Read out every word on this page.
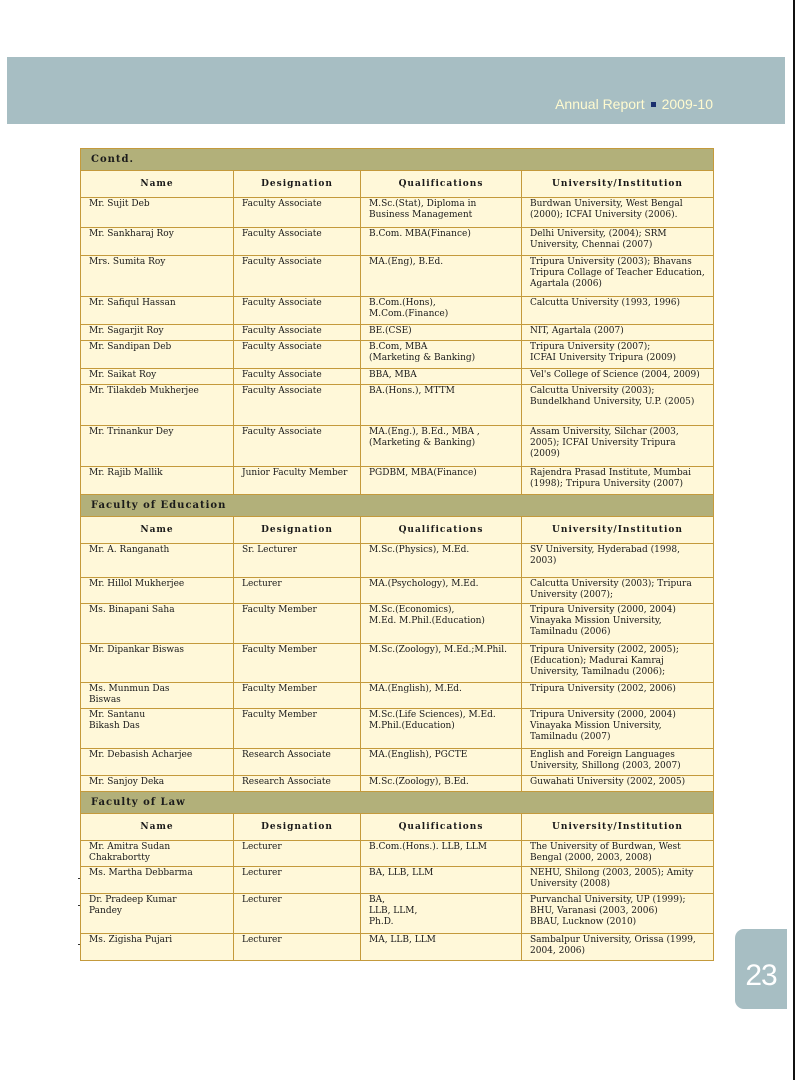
Annual Report 2009-10
Contd.			
Name	Designation	Qualifications	University/Institution
Mr. Sujit Deb	Faculty Associate	M.Sc.(Stat), Diploma in Business Management	Burdwan University, West Bengal (2000); ICFAI University (2006).
Mr. Sankharaj Roy	Faculty Associate	B.Com. MBA(Finance)	Delhi University, (2004); SRM University, Chennai (2007)
Mrs. Sumita Roy	Faculty Associate	MA.(Eng), B.Ed.	Tripura University (2003); Bhavans Tripura Collage of Teacher Education, Agartala (2006)
Mr. Safiqul Hassan	Faculty Associate	B.Com.(Hons),
M.Com.(Finance)	Calcutta University (1993, 1996)
Mr. Sagarjit Roy	Faculty Associate	BE.(CSE)	NIT, Agartala (2007)
Mr. Sandipan Deb	Faculty Associate	B.Com, MBA
(Marketing & Banking)	Tripura University (2007);
ICFAI University Tripura (2009)
Mr. Saikat Roy	Faculty Associate	BBA, MBA	Vel's College of Science (2004, 2009)
Mr. Tilakdeb Mukherjee	Faculty Associate	BA.(Hons.), MTTM	Calcutta University (2003);
Bundelkhand University, U.P. (2005)
Mr. Trinankur Dey	Faculty Associate	MA.(Eng.), B.Ed., MBA ,
(Marketing & Banking)	Assam University, Silchar (2003, 2005); ICFAI University Tripura (2009)
Mr. Rajib Mallik	Junior Faculty Member	PGDBM, MBA(Finance)	Rajendra Prasad Institute, Mumbai (1998); Tripura University (2007)
Faculty of Education			
Name	Designation	Qualifications	University/Institution
Mr. A. Ranganath	Sr. Lecturer	M.Sc.(Physics), M.Ed.	SV University, Hyderabad (1998, 2003)
Mr. Hillol Mukherjee	Lecturer	MA.(Psychology), M.Ed.	Calcutta University (2003); Tripura University (2007);
Ms. Binapani Saha	Faculty Member	M.Sc.(Economics),
M.Ed. M.Phil.(Education)	Tripura University (2000, 2004)
Vinayaka Mission University, Tamilnadu (2006)
Mr. Dipankar Biswas	Faculty Member	M.Sc.(Zoology), M.Ed.;M.Phil.	Tripura University (2002, 2005);
(Education); Madurai Kamraj University, Tamilnadu (2006);
Ms. Munmun Das
Biswas	Faculty Member	MA.(English), M.Ed.	Tripura University (2002, 2006)
Mr. Santanu
Bikash Das	Faculty Member	M.Sc.(Life Sciences), M.Ed.
M.Phil.(Education)	Tripura University (2000, 2004)
Vinayaka Mission University, Tamilnadu (2007)
Mr. Debasish Acharjee	Research Associate	MA.(English), PGCTE	English and Foreign Languages University, Shillong (2003, 2007)
Mr. Sanjoy Deka	Research Associate	M.Sc.(Zoology), B.Ed.	Guwahati University (2002, 2005)
Faculty of Law			
Name	Designation	Qualifications	University/Institution
Mr. Amitra Sudan
Chakrabortty	Lecturer	B.Com.(Hons.). LLB, LLM	The University of Burdwan, West Bengal (2000, 2003, 2008)
Ms. Martha Debbarma	Lecturer	BA, LLB, LLM	NEHU, Shilong (2003, 2005); Amity University (2008)
Dr. Pradeep Kumar
Pandey	Lecturer	BA,
LLB, LLM,
Ph.D.	Purvanchal University, UP (1999);
BHU, Varanasi (2003, 2006)
BBAU, Lucknow (2010)
Ms. Zigisha Pujari	Lecturer	MA, LLB, LLM	Sambalpur University, Orissa (1999, 2004, 2006)
23
